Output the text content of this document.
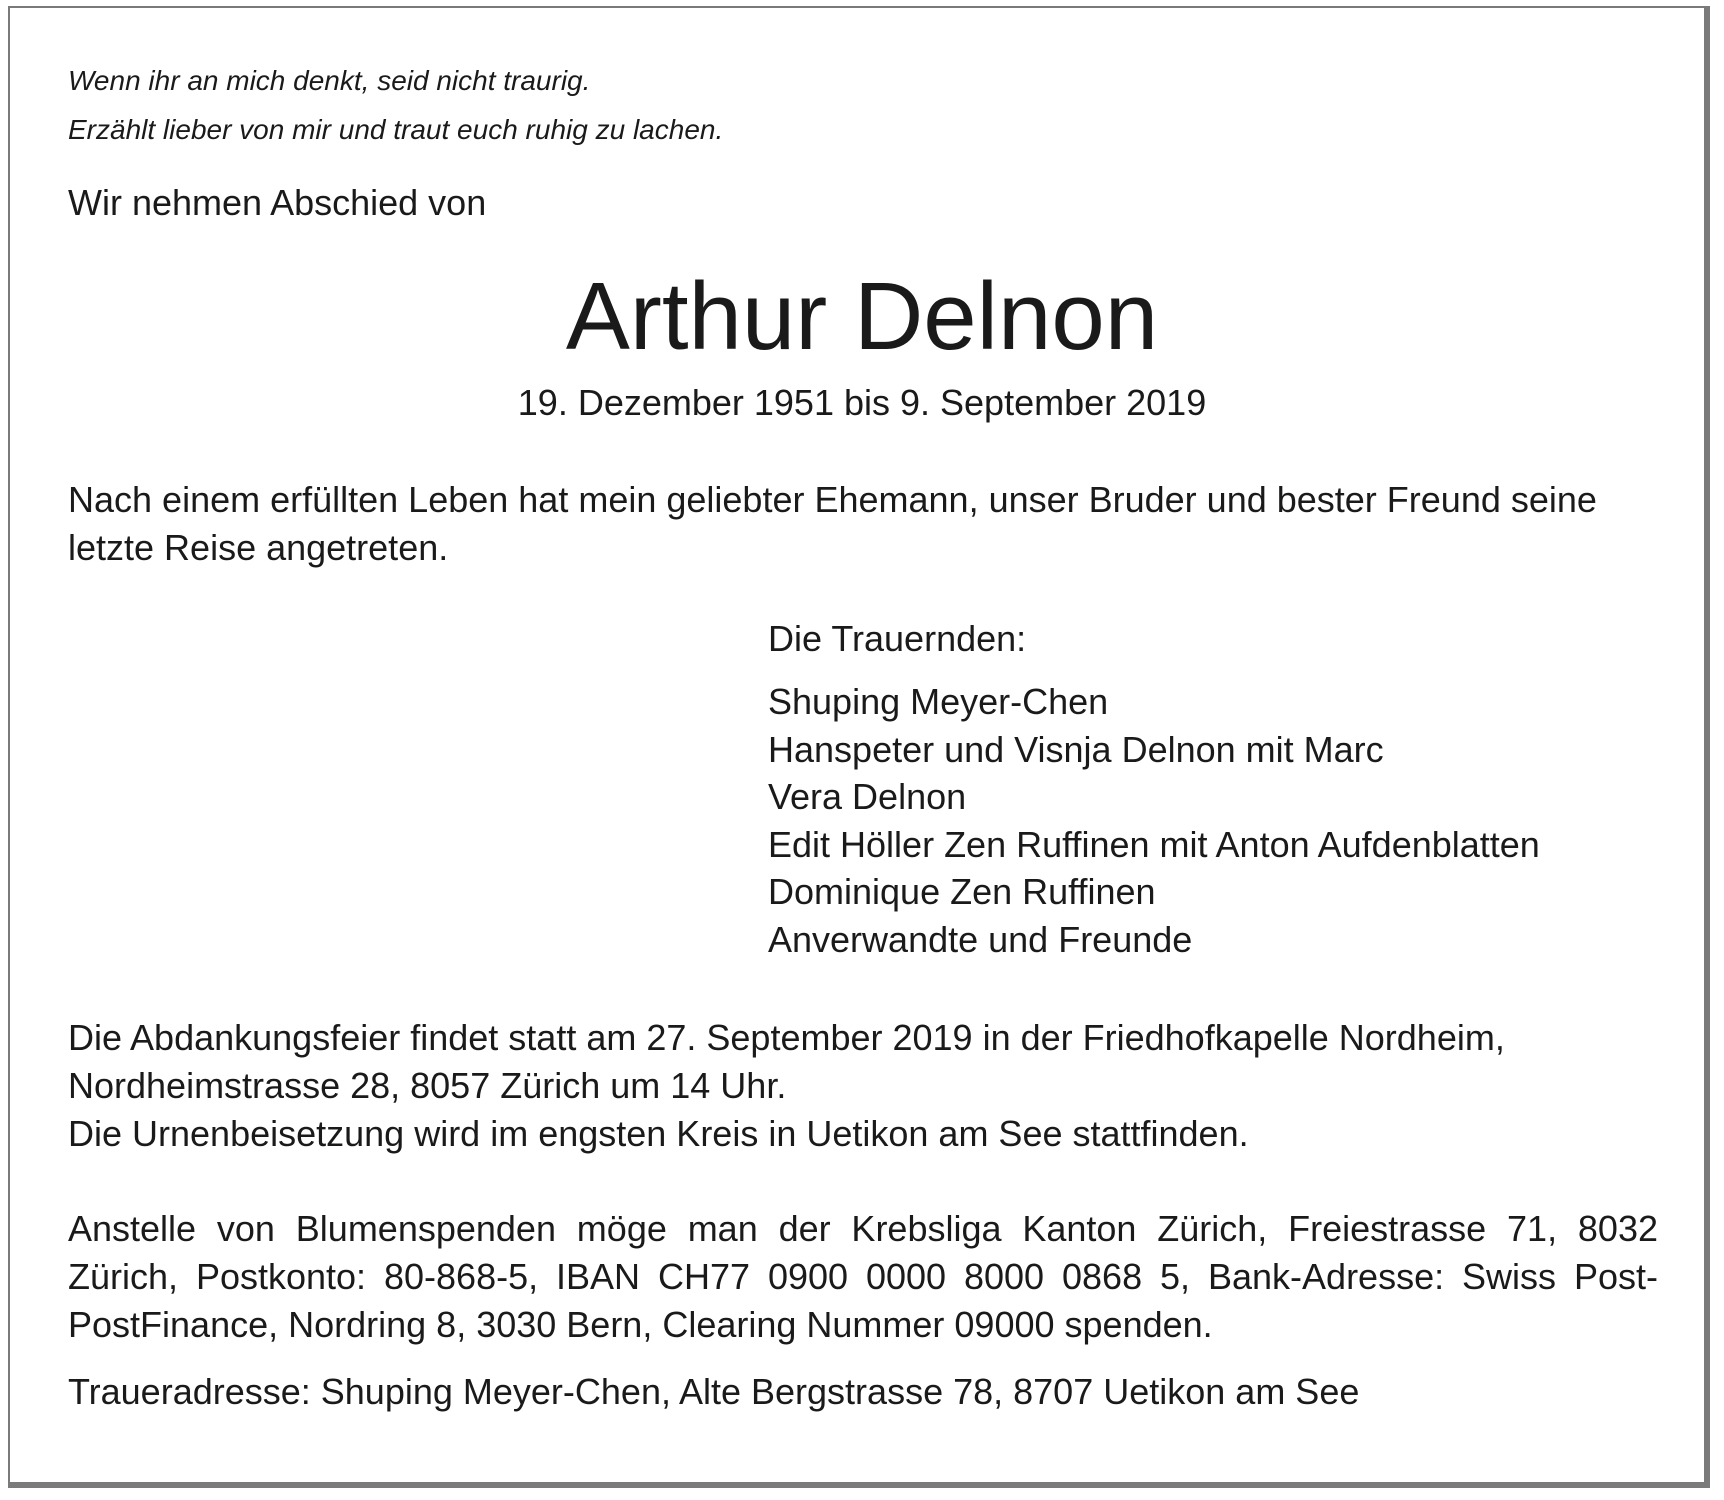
Wenn ihr an mich denkt, seid nicht traurig.
Erzählt lieber von mir und traut euch ruhig zu lachen.
Wir nehmen Abschied von
Arthur Delnon
19. Dezember 1951 bis 9. September 2019
Nach einem erfüllten Leben hat mein geliebter Ehemann, unser Bruder und bester Freund seine letzte Reise angetreten.
Die Trauernden:
Shuping Meyer-Chen
Hanspeter und Visnja Delnon mit Marc
Vera Delnon
Edit Höller Zen Ruffinen mit Anton Aufdenblatten
Dominique Zen Ruffinen
Anverwandte und Freunde
Die Abdankungsfeier findet statt am 27. September 2019 in der Friedhofkapelle Nordheim, Nordheimstrasse 28, 8057 Zürich um 14 Uhr.
Die Urnenbeisetzung wird im engsten Kreis in Uetikon am See stattfinden.
Anstelle von Blumenspenden möge man der Krebsliga Kanton Zürich, Freiestrasse 71, 8032 Zürich, Postkonto: 80-868-5, IBAN CH77 0900 0000 8000 0868 5, Bank-Adresse: Swiss Post-PostFinance, Nordring 8, 3030 Bern, Clearing Nummer 09000 spenden.
Traueradresse: Shuping Meyer-Chen, Alte Bergstrasse 78, 8707 Uetikon am See
